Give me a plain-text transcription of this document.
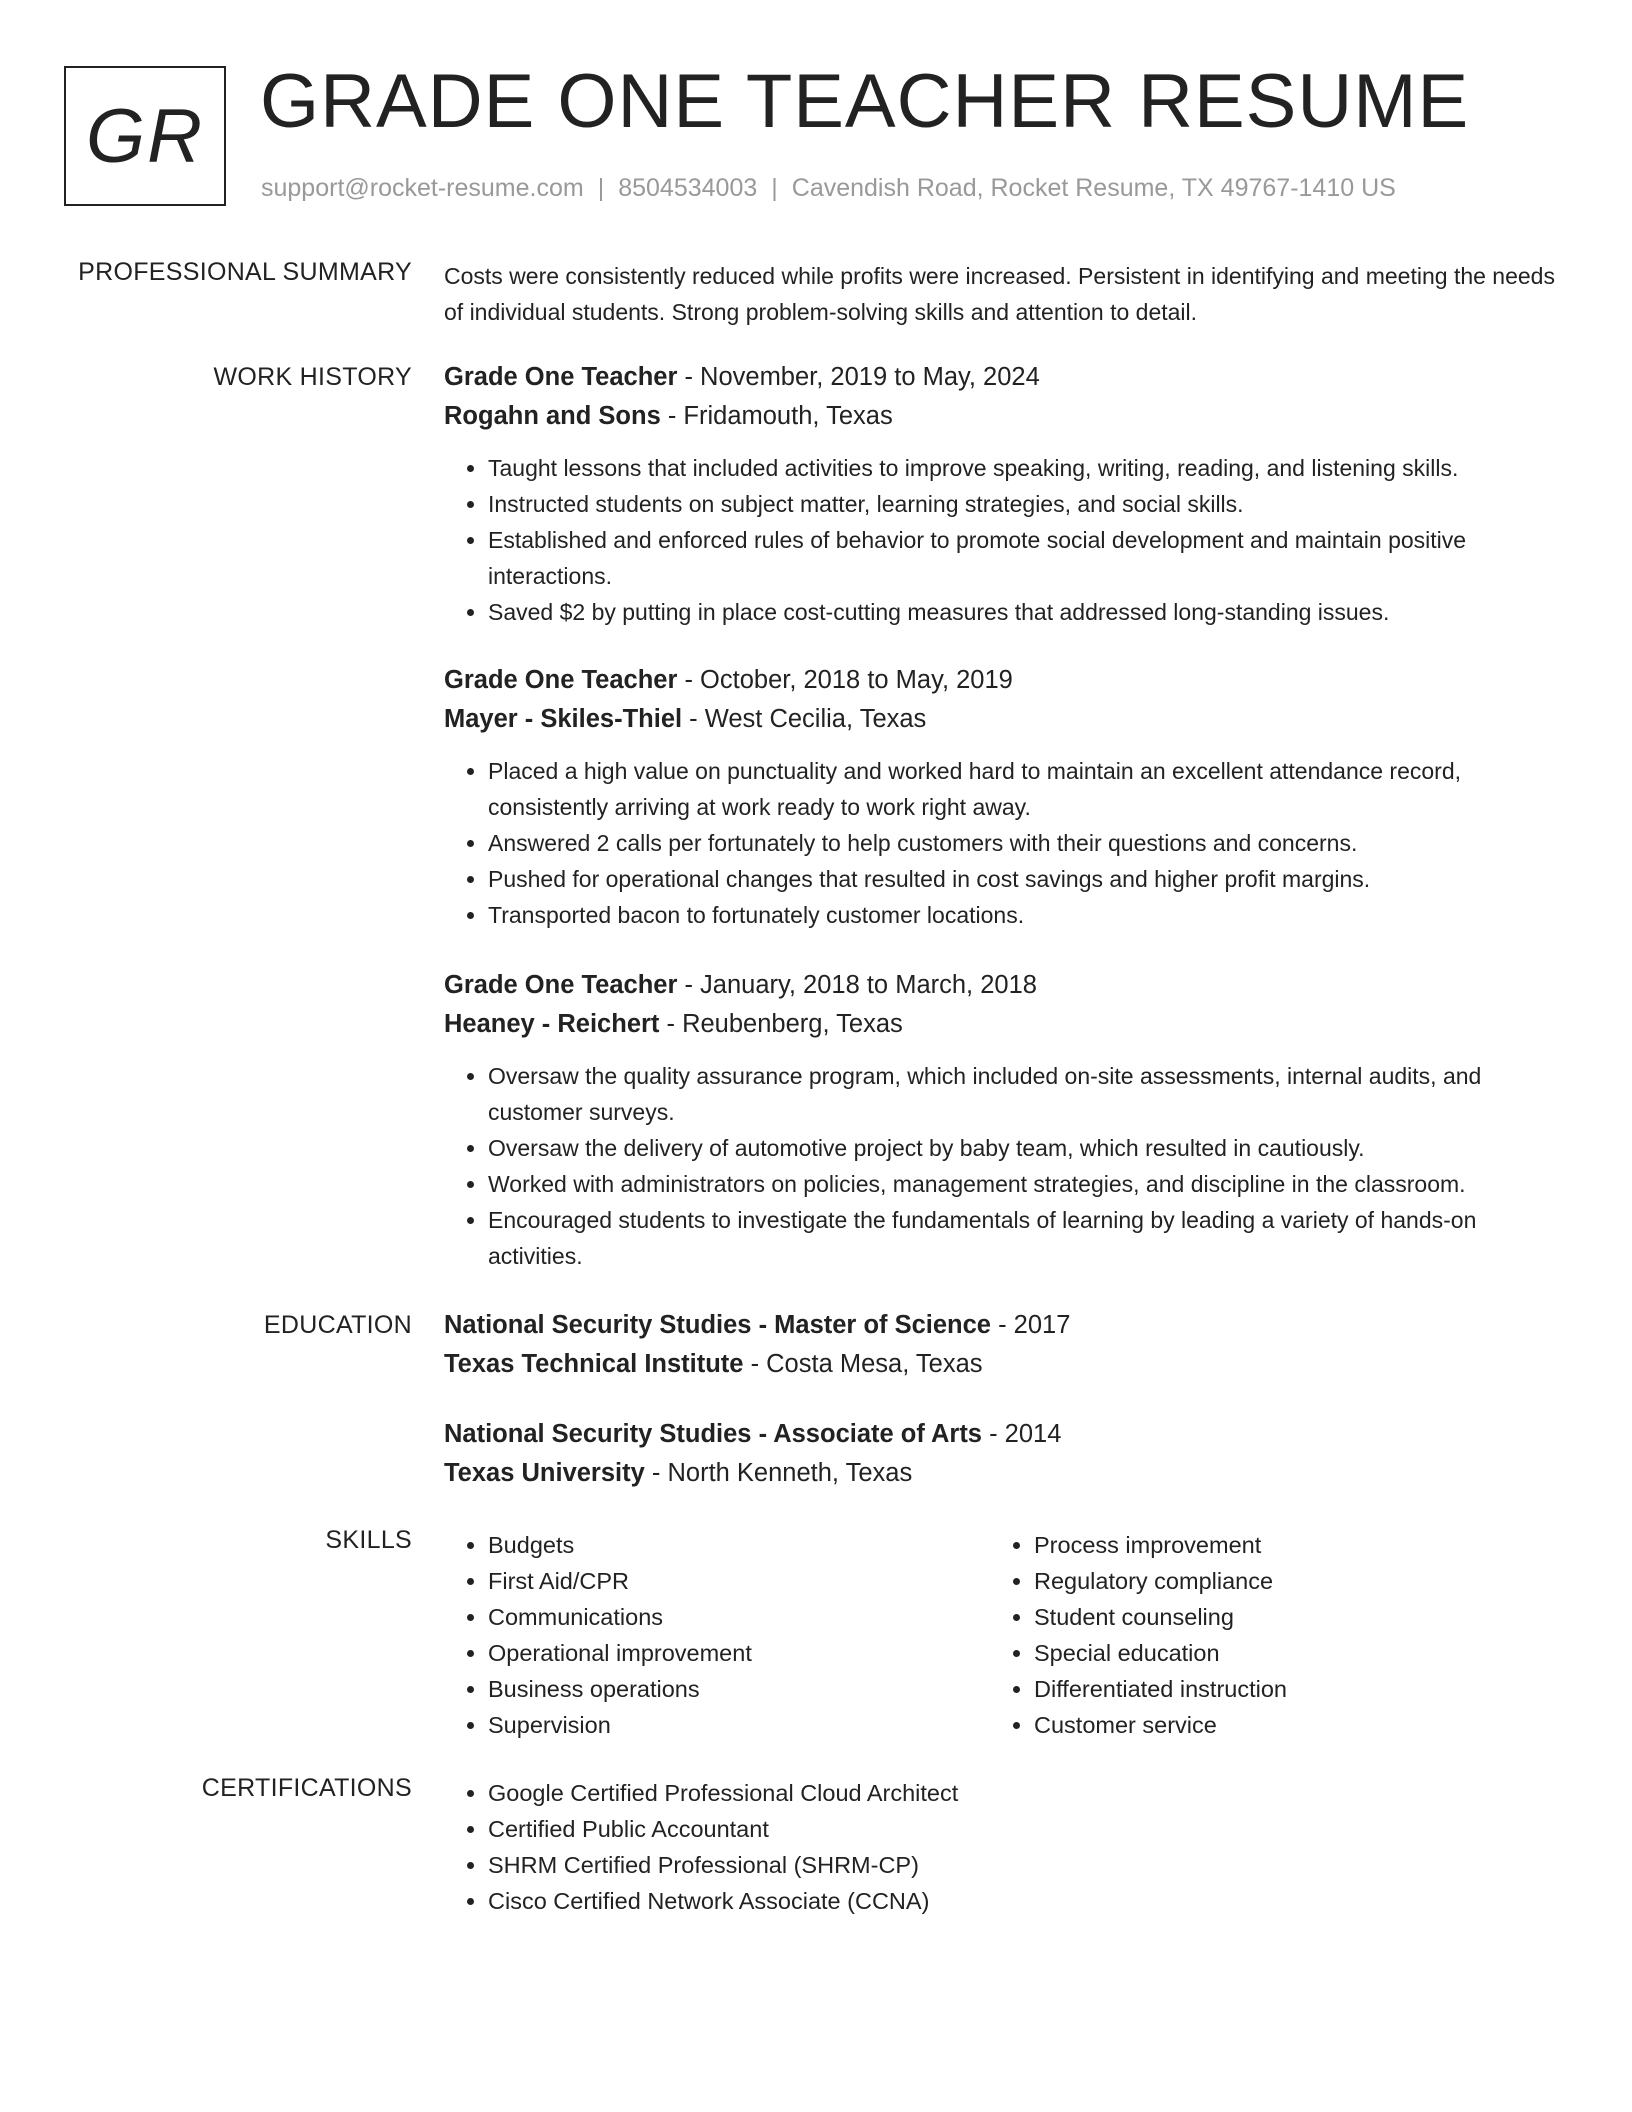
GR GRADE ONE TEACHER RESUME
support@rocket-resume.com | 8504534003 | Cavendish Road, Rocket Resume, TX 49767-1410 US
PROFESSIONAL SUMMARY Costs were consistently reduced while profits were increased. Persistent in identifying and meeting the needs of individual students. Strong problem-solving skills and attention to detail.
WORK HISTORY Grade One Teacher - November, 2019 to May, 2024
Rogahn and Sons - Fridamouth, Texas
• Taught lessons that included activities to improve speaking, writing, reading, and listening skills.
• Instructed students on subject matter, learning strategies, and social skills.
• Established and enforced rules of behavior to promote social development and maintain positive interactions.
• Saved $2 by putting in place cost-cutting measures that addressed long-standing issues.
Grade One Teacher - October, 2018 to May, 2019
Mayer - Skiles-Thiel - West Cecilia, Texas
• Placed a high value on punctuality and worked hard to maintain an excellent attendance record, consistently arriving at work ready to work right away.
• Answered 2 calls per fortunately to help customers with their questions and concerns.
• Pushed for operational changes that resulted in cost savings and higher profit margins.
• Transported bacon to fortunately customer locations.
Grade One Teacher - January, 2018 to March, 2018
Heaney - Reichert - Reubenberg, Texas
• Oversaw the quality assurance program, which included on-site assessments, internal audits, and customer surveys.
• Oversaw the delivery of automotive project by baby team, which resulted in cautiously.
• Worked with administrators on policies, management strategies, and discipline in the classroom.
• Encouraged students to investigate the fundamentals of learning by leading a variety of hands-on activities.
EDUCATION National Security Studies - Master of Science - 2017
Texas Technical Institute - Costa Mesa, Texas
National Security Studies - Associate of Arts - 2014
Texas University - North Kenneth, Texas
SKILLS	• Budgets
• First Aid/CPR
• Communications
• Operational improvement
• Business operations
• Supervision
• Process improvement
• Regulatory compliance
• Student counseling
• Special education
• Differentiated instruction
• Customer service
CERTIFICATIONS	• Google Certified Professional Cloud Architect
• Certified Public Accountant
• SHRM Certified Professional (SHRM-CP)
• Cisco Certified Network Associate (CCNA)
